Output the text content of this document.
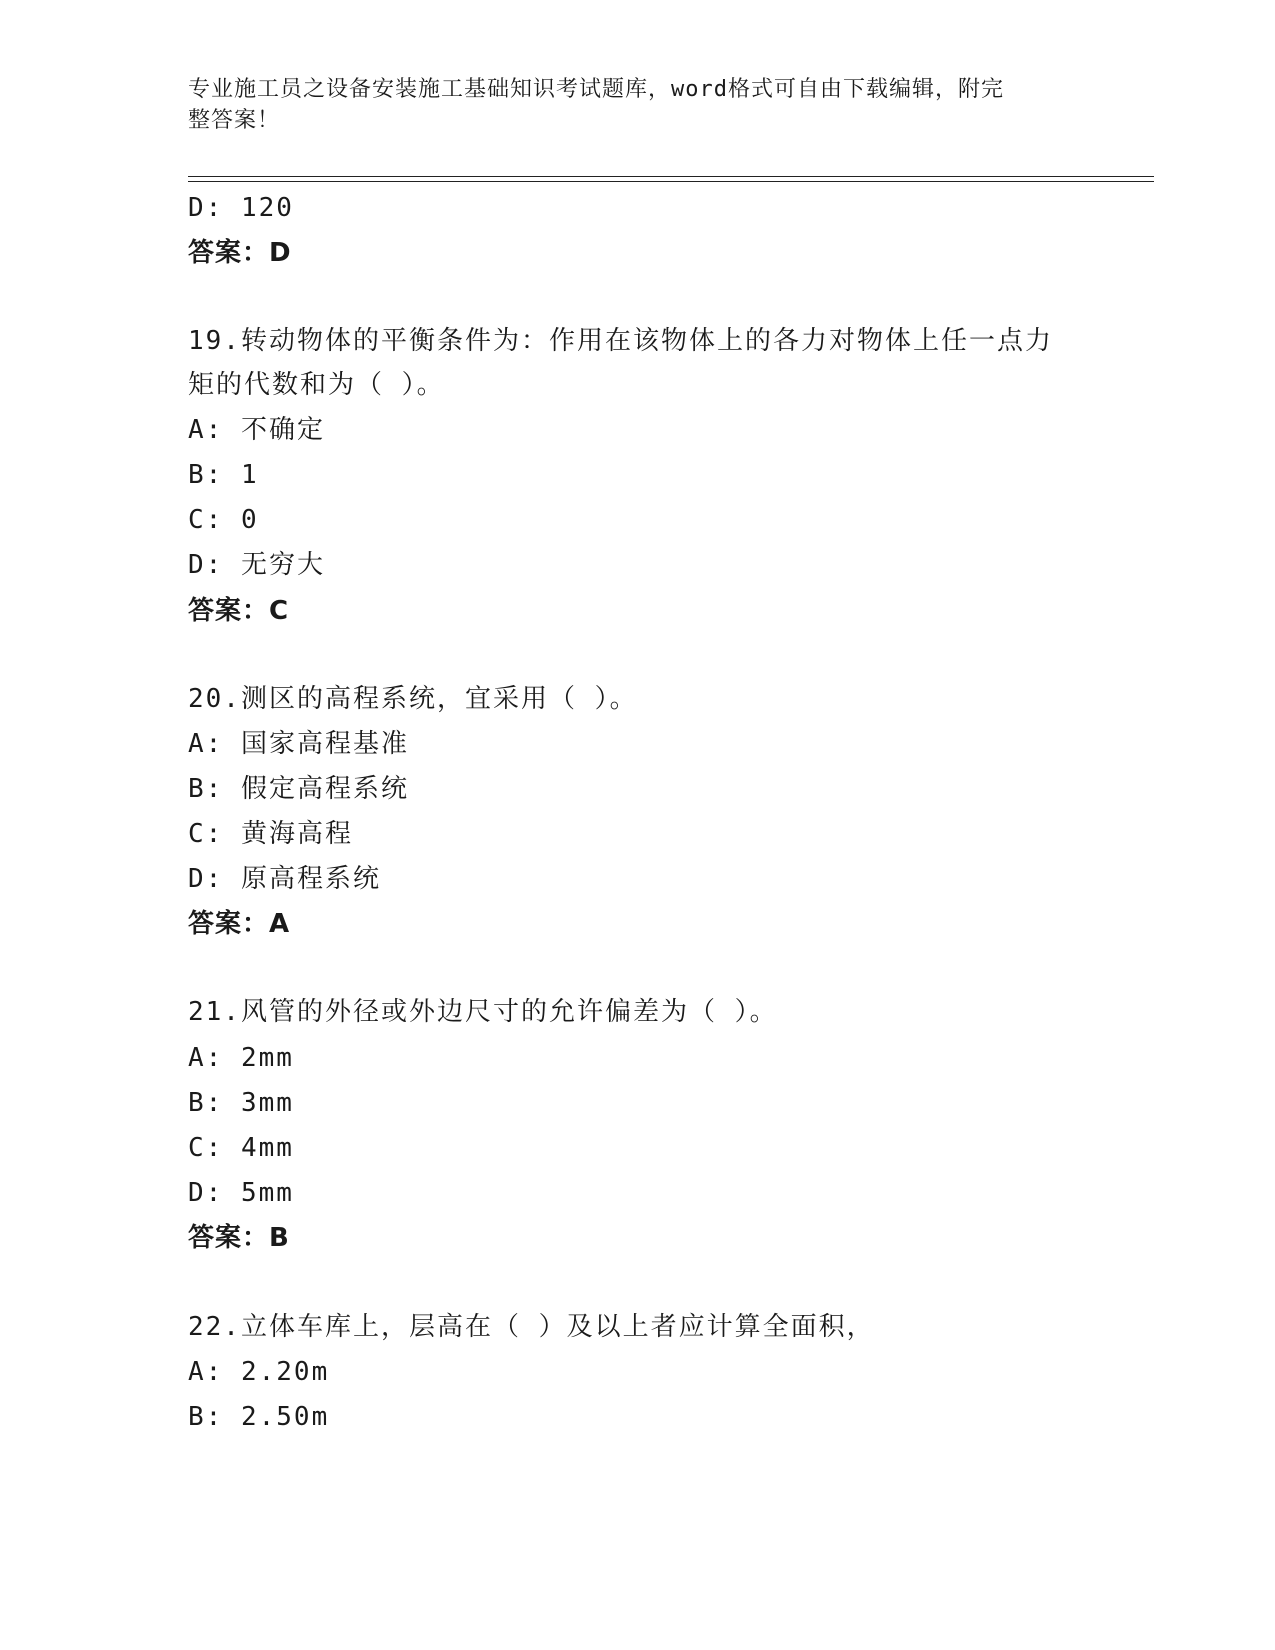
专业施工员之设备安装施工基础知识考试题库，word格式可自由下载编辑，附完
整答案！
D: 120
答案：D
19.转动物体的平衡条件为：作用在该物体上的各力对物体上任一点力
矩的代数和为（ ）。
A: 不确定
B: 1
C: 0
D: 无穷大
答案：C
20.测区的高程系统，宜采用（ ）。
A: 国家高程基准
B: 假定高程系统
C: 黄海高程
D: 原高程系统
答案：A
21.风管的外径或外边尺寸的允许偏差为（ ）。
A: 2mm
B: 3mm
C: 4mm
D: 5mm
答案：B
22.立体车库上，层高在（ ）及以上者应计算全面积，
A: 2.20m
B: 2.50m
